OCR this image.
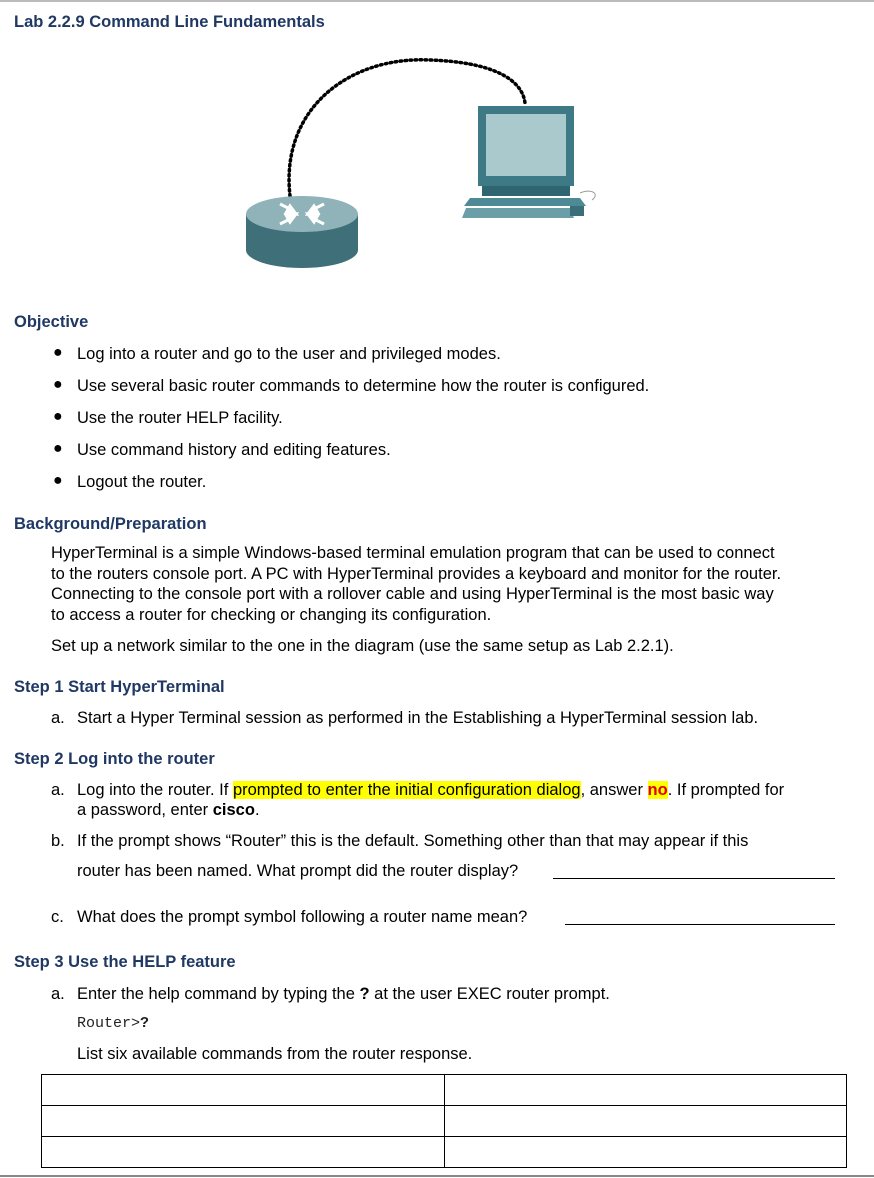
Lab 2.2.9 Command Line Fundamentals
Objective
● Log into a router and go to the user and privileged modes.
● Use several basic router commands to determine how the router is configured.
● Use the router HELP facility.
● Use command history and editing features.
● Logout the router.
Background/Preparation
HyperTerminal is a simple Windows-based terminal emulation program that can be used to connect
to the routers console port. A PC with HyperTerminal provides a keyboard and monitor for the router.
Connecting to the console port with a rollover cable and using HyperTerminal is the most basic way
to access a router for checking or changing its configuration.
Set up a network similar to the one in the diagram (use the same setup as Lab 2.2.1).
Step 1 Start HyperTerminal
a. Start a Hyper Terminal session as performed in the Establishing a HyperTerminal session lab.
Step 2 Log into the router
a. Log into the router. If prompted to enter the initial configuration dialog, answer no. If prompted for
a password, enter cisco.
b. If the prompt shows “Router” this is the default. Something other than that may appear if this
router has been named. What prompt did the router display?
c. What does the prompt symbol following a router name mean?
Step 3 Use the HELP feature
a. Enter the help command by typing the ? at the user EXEC router prompt.
Router>?
List six available commands from the router response.
